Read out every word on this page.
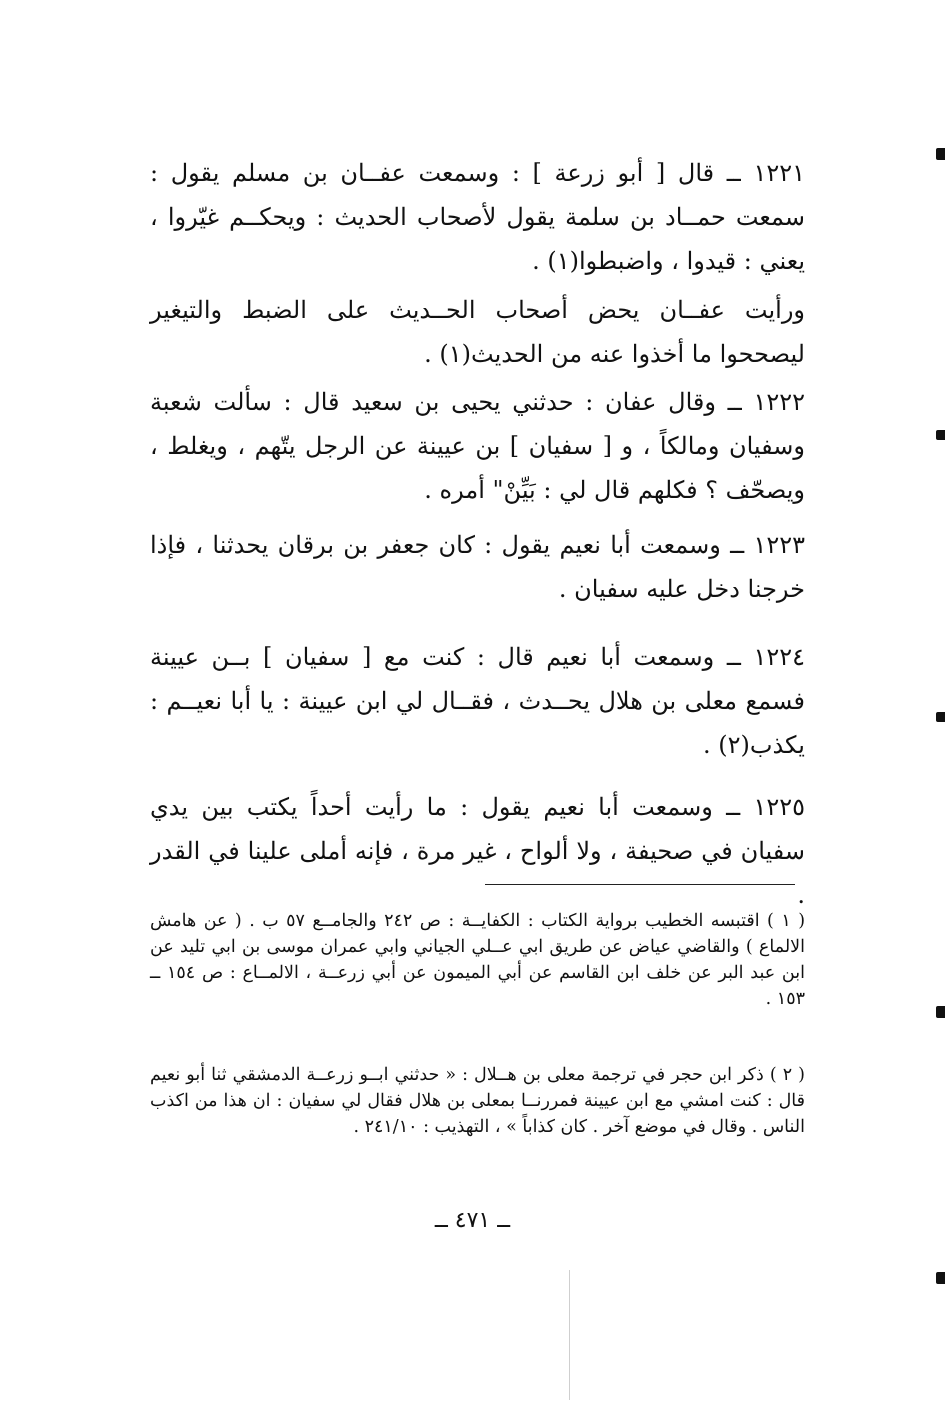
١٢٢١ ــ قال [ أبو زرعة ] : وسمعت عفــان بن مسلم يقول : سمعت حمــاد بن سلمة يقول لأصحاب الحديث : ويحكــم غيّروا ، يعني : قيدوا ، واضبطوا(١) .

ورأيت عفــان يحض أصحاب الحــديث على الضبط والتيغير ليصححوا ما أخذوا عنه من الحديث(١) .

١٢٢٢ ــ وقال عفان : حدثني يحيى بن سعيد قال : سألت شعبة وسفيان ومالكاً ، و [ سفيان ] بن عيينة عن الرجل يتّهم ، ويغلط ، ويصحّف ؟ فكلهم قال لي : بَيِّنْ" أمره .

١٢٢٣ ــ وسمعت أبا نعيم يقول : كان جعفر بن برقان يحدثنا ، فإذا خرجنا دخل عليه سفيان .

١٢٢٤ ــ وسمعت أبا نعيم قال : كنت مع [ سفيان ] بــن عيينة فسمع معلى بن هلال يحــدث ، فقــال لي ابن عيينة : يا أبا نعيــم : يكذب(٢) .

١٢٢٥ ــ وسمعت أبا نعيم يقول : ما رأيت أحداً يكتب بين يدي سفيان في صحيفة ، ولا ألواح ، غير مرة ، فإنه أملى علينا في القدر .

( ١ ) اقتبسه الخطيب برواية الكتاب : الكفايــة : ص ٢٤٢ والجامــع ٥٧ ب . ( عن هامش الالماع ) والقاضي عياض عن طريق ابي عــلي الجياني وابي عمران موسى بن ابي تليد عن ابن عبد البر عن خلف ابن القاسم عن أبي الميمون عن أبي زرعــة ، الالمــاع : ص ١٥٤ ــ ١٥٣ .

( ٢ ) ذكر ابن حجر في ترجمة معلى بن هــلال : « حدثني ابــو زرعــة الدمشقي ثنا أبو نعيم قال : كنت امشي مع ابن عيينة فمررنــا بمعلى بن هلال فقال لي سفيان : ان هذا من اكذب الناس . وقال في موضع آخر . كان كذاباً » ، التهذيب : ٢٤١/١٠ .

ــ ٤٧١ ــ
